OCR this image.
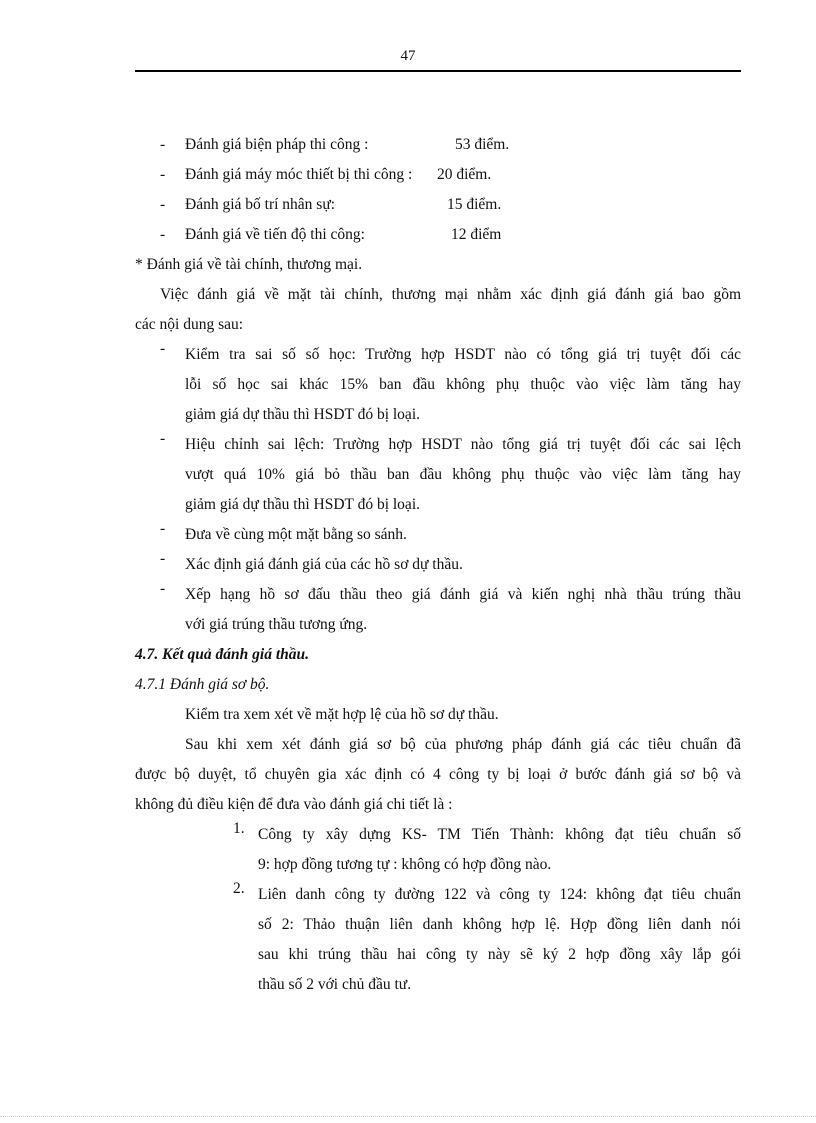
47
- Đánh giá biện pháp thi công :	53 điểm.
- Đánh giá máy móc thiết bị thi công : 20 điểm.
- Đánh giá bố trí nhân sự:	15 điểm.
- Đánh giá về tiến độ thi công:	12 điểm
* Đánh giá về tài chính, thương mại.
Việc đánh giá về mặt tài chính, thương mại nhằm xác định giá đánh giá bao gồm
các nội dung sau:
-	Kiểm tra sai số số học: Trường hợp HSDT nào có tổng giá trị tuyệt đối các
lỗi số học sai khác 15% ban đầu không phụ thuộc vào việc làm tăng hay
giảm giá dự thầu thì HSDT đó bị loại.
-	Hiệu chỉnh sai lệch: Trường hợp HSDT nào tổng giá trị tuyệt đối các sai lệch
vượt quá 10% giá bỏ thầu ban đầu không phụ thuộc vào việc làm tăng hay
giảm giá dự thầu thì HSDT đó bị loại.
-	Đưa về cùng một mặt bằng so sánh.
-	Xác định giá đánh giá của các hồ sơ dự thầu.
-	Xếp hạng hồ sơ đấu thầu theo giá đánh giá và kiến nghị nhà thầu trúng thầu
với giá trúng thầu tương ứng.
4.7. Kết quả đánh giá thầu.
4.7.1 Đánh giá sơ bộ.
Kiểm tra xem xét về mặt hợp lệ của hồ sơ dự thầu.
Sau khi xem xét đánh giá sơ bộ của phương pháp đánh giá các tiêu chuẩn đã
được bộ duyệt, tổ chuyên gia xác định có 4 công ty bị loại ở bước đánh giá sơ bộ và
không đủ điều kiện để đưa vào đánh giá chi tiết là :
1. Công ty xây dựng KS- TM Tiến Thành: không đạt tiêu chuẩn số
9: hợp đồng tương tự : không có hợp đồng nào.
2. Liên danh công ty đường 122 và công ty 124: không đạt tiêu chuẩn
số 2: Thảo thuận liên danh không hợp lệ. Hợp đồng liên danh nói
sau khi trúng thầu hai công ty này sẽ ký 2 hợp đồng xây lắp gói
thầu số 2 với chủ đầu tư.
